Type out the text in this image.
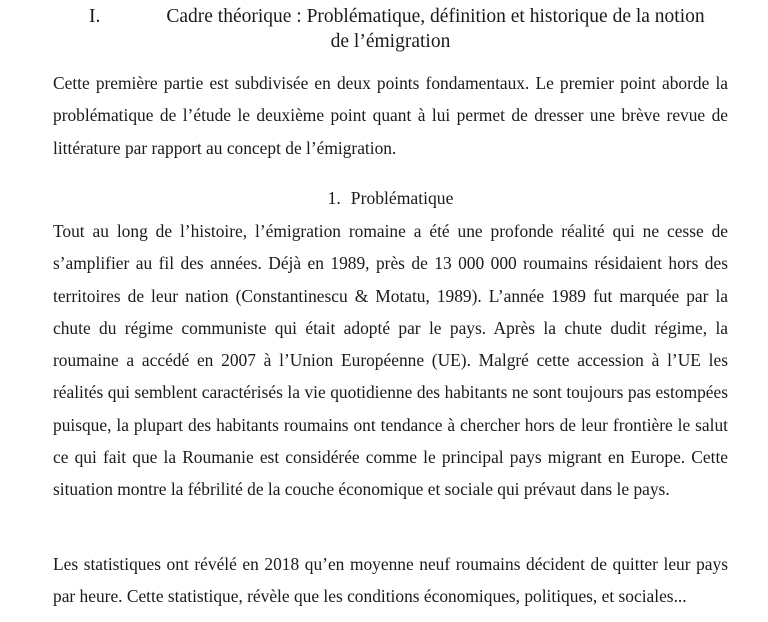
I.	Cadre théorique : Problématique, définition et historique de la notion
de l’émigration

Cette première partie est subdivisée en deux points fondamentaux. Le premier point aborde la problématique de l’étude le deuxième point quant à lui permet de dresser une brève revue de littérature par rapport au concept de l’émigration.

1. Problématique

Tout au long de l’histoire, l’émigration romaine a été une profonde réalité qui ne cesse de s’amplifier au fil des années. Déjà en 1989, près de 13 000 000 roumains résidaient hors des territoires de leur nation (Constantinescu & Motatu, 1989). L’année 1989 fut marquée par la chute du régime communiste qui était adopté par le pays. Après la chute dudit régime, la roumaine a accédé en 2007 à l’Union Européenne (UE). Malgré cette accession à l’UE les réalités qui semblent caractérisés la vie quotidienne des habitants ne sont toujours pas estompées puisque, la plupart des habitants roumains ont tendance à chercher hors de leur frontière le salut ce qui fait que la Roumanie est considérée comme le principal pays migrant en Europe. Cette situation montre la fébrilité de la couche économique et sociale qui prévaut dans le pays.

Les statistiques ont révélé en 2018 qu’en moyenne neuf roumains décident de quitter leur pays par heure. Cette statistique, révèle que les conditions économiques, politiques, et sociales...
